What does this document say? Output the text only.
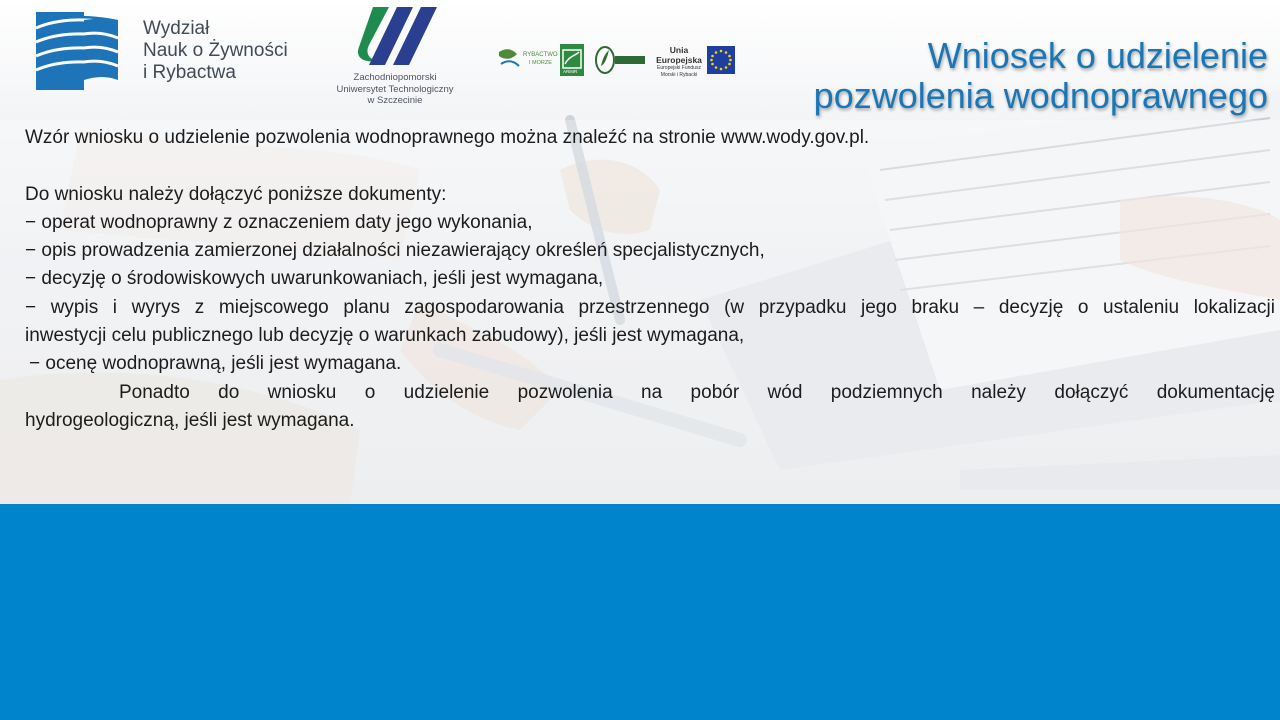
Wydział
Nauk o Żywności
i Rybactwa	Zachodniopomorski
Uniwersytet Technologiczny
w Szczecinie
RYBACTWO
I MORZE
ARiMR
Unia Europejska
Europejski Fundusz
Morski i Rybacki	Wniosek o udzielenie
pozwolenia wodnoprawnego

Wzór wniosku o udzielenie pozwolenia wodnoprawnego można znaleźć na stronie www.wody.gov.pl.

Do wniosku należy dołączyć poniższe dokumenty:

− operat wodnoprawny z oznaczeniem daty jego wykonania,

− opis prowadzenia zamierzonej działalności niezawierający określeń specjalistycznych,

− decyzję o środowiskowych uwarunkowaniach, jeśli jest wymagana,

− wypis i wyrys z miejscowego planu zagospodarowania przestrzennego (w przypadku jego braku – decyzję o ustaleniu lokalizacji

inwestycji celu publicznego lub decyzję o warunkach zabudowy), jeśli jest wymagana,

− ocenę wodnoprawną, jeśli jest wymagana.

Ponadto do wniosku o udzielenie pozwolenia na pobór wód podziemnych należy dołączyć dokumentację

hydrogeologiczną, jeśli jest wymagana.
